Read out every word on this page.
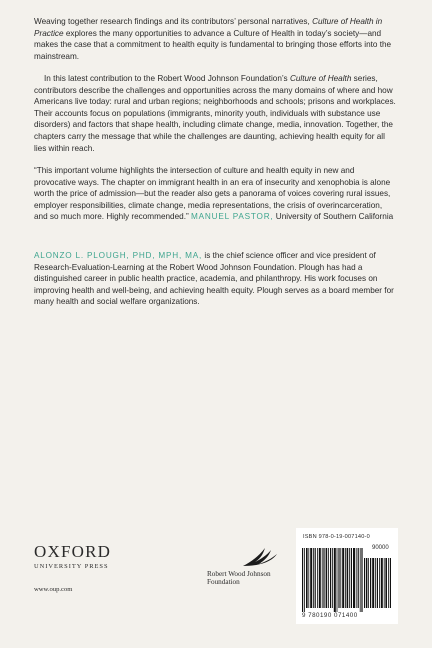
Weaving together research findings and its contributors’ personal narratives, Culture of Health in Practice explores the many opportunities to advance a Culture of Health in today’s society—and makes the case that a commitment to health equity is fundamental to bringing those efforts into the mainstream.
In this latest contribution to the Robert Wood Johnson Foundation’s Culture of Health series, contributors describe the challenges and opportunities across the many domains of where and how Americans live today: rural and urban regions; neighborhoods and schools; prisons and workplaces. Their accounts focus on populations (immigrants, minority youth, individuals with substance use disorders) and factors that shape health, including climate change, media, innovation. Together, the chapters carry the message that while the challenges are daunting, achieving health equity for all lies within reach.
“This important volume highlights the intersection of culture and health equity in new and provocative ways. The chapter on immigrant health in an era of insecurity and xenophobia is alone worth the price of admission—but the reader also gets a panorama of voices covering rural issues, employer responsibilities, climate change, media representations, the crisis of overincarceration, and so much more. Highly recommended.” MANUEL PASTOR, University of Southern California
ALONZO L. PLOUGH, PHD, MPH, MA, is the chief science officer and vice president of Research-Evaluation-Learning at the Robert Wood Johnson Foundation. Plough has had a distinguished career in public health practice, academia, and philanthropy. His work focuses on improving health and well-being, and achieving health equity. Plough serves as a board member for many health and social welfare organizations.
OXFORD
UNIVERSITY PRESS
www.oup.com
Robert Wood Johnson
Foundation
ISBN 978-0-19-007140-0
90000
9 780190 071400
